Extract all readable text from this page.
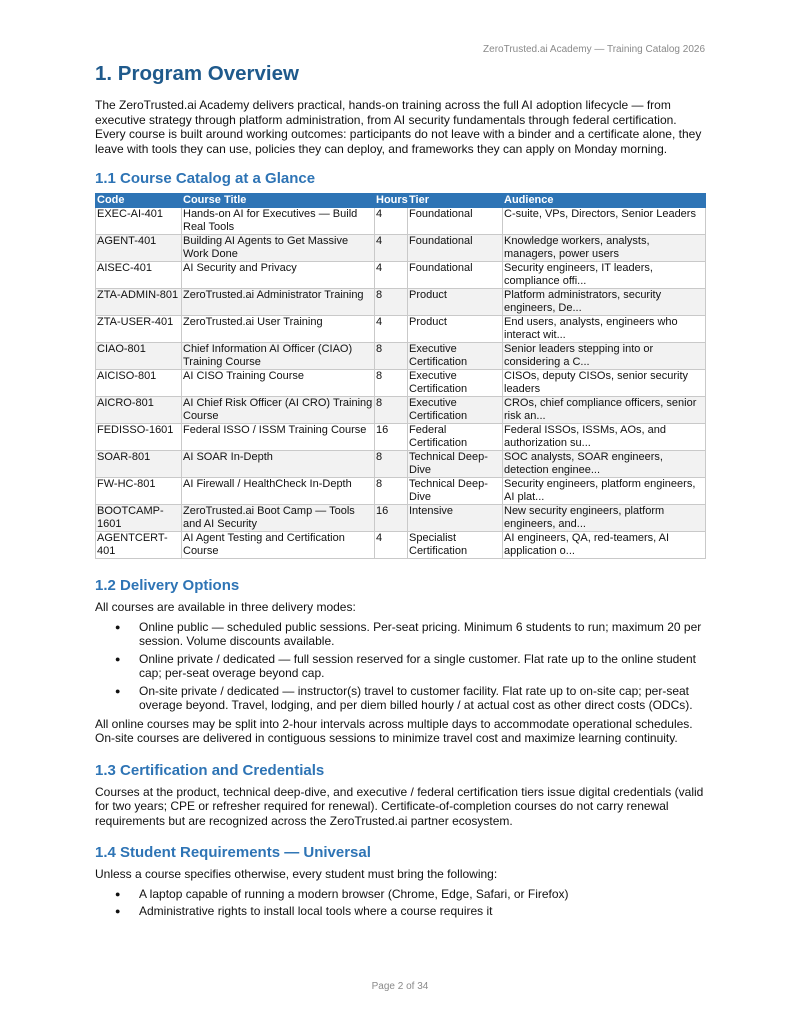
ZeroTrusted.ai Academy — Training Catalog 2026
1. Program Overview

The ZeroTrusted.ai Academy delivers practical, hands-on training across the full AI adoption lifecycle — from executive strategy through platform administration, from AI security fundamentals through federal certification. Every course is built around working outcomes: participants do not leave with a binder and a certificate alone, they leave with tools they can use, policies they can deploy, and frameworks they can apply on Monday morning.

1.1 Course Catalog at a Glance
Code	Course Title	Hours	Tier	Audience
EXEC-AI-401	Hands-on AI for Executives — Build Real Tools	4	Foundational	C-suite, VPs, Directors, Senior Leaders
AGENT-401	Building AI Agents to Get Massive Work Done	4	Foundational	Knowledge workers, analysts, managers, power users
AISEC-401	AI Security and Privacy	4	Foundational	Security engineers, IT leaders, compliance offi...
ZTA-ADMIN-801	ZeroTrusted.ai Administrator Training	8	Product	Platform administrators, security engineers, De...
ZTA-USER-401	ZeroTrusted.ai User Training	4	Product	End users, analysts, engineers who interact wit...
CIAO-801	Chief Information AI Officer (CIAO) Training Course	8	Executive Certification	Senior leaders stepping into or considering a C...
AICISO-801	AI CISO Training Course	8	Executive Certification	CISOs, deputy CISOs, senior security leaders
AICRO-801	AI Chief Risk Officer (AI CRO) Training Course	8	Executive Certification	CROs, chief compliance officers, senior risk an...
FEDISSO-1601	Federal ISSO / ISSM Training Course	16	Federal Certification	Federal ISSOs, ISSMs, AOs, and authorization su...
SOAR-801	AI SOAR In-Depth	8	Technical Deep-Dive	SOC analysts, SOAR engineers, detection enginee...
FW-HC-801	AI Firewall / HealthCheck In-Depth	8	Technical Deep-Dive	Security engineers, platform engineers, AI plat...
BOOTCAMP-1601	ZeroTrusted.ai Boot Camp — Tools and AI Security	16	Intensive	New security engineers, platform engineers, and...
AGENTCERT-401	AI Agent Testing and Certification Course	4	Specialist Certification	AI engineers, QA, red-teamers, AI application o...
1.2 Delivery Options

All courses are available in three delivery modes:

● Online public — scheduled public sessions. Per-seat pricing. Minimum 6 students to run; maximum 20 per session. Volume discounts available.
● Online private / dedicated — full session reserved for a single customer. Flat rate up to the online student cap; per-seat overage beyond cap.
● On-site private / dedicated — instructor(s) travel to customer facility. Flat rate up to on-site cap; per-seat overage beyond. Travel, lodging, and per diem billed hourly / at actual cost as other direct costs (ODCs).

All online courses may be split into 2-hour intervals across multiple days to accommodate operational schedules. On-site courses are delivered in contiguous sessions to minimize travel cost and maximize learning continuity.

1.3 Certification and Credentials

Courses at the product, technical deep-dive, and executive / federal certification tiers issue digital credentials (valid for two years; CPE or refresher required for renewal). Certificate-of-completion courses do not carry renewal requirements but are recognized across the ZeroTrusted.ai partner ecosystem.

1.4 Student Requirements — Universal

Unless a course specifies otherwise, every student must bring the following:

● A laptop capable of running a modern browser (Chrome, Edge, Safari, or Firefox)
● Administrative rights to install local tools where a course requires it
Page 2 of 34
